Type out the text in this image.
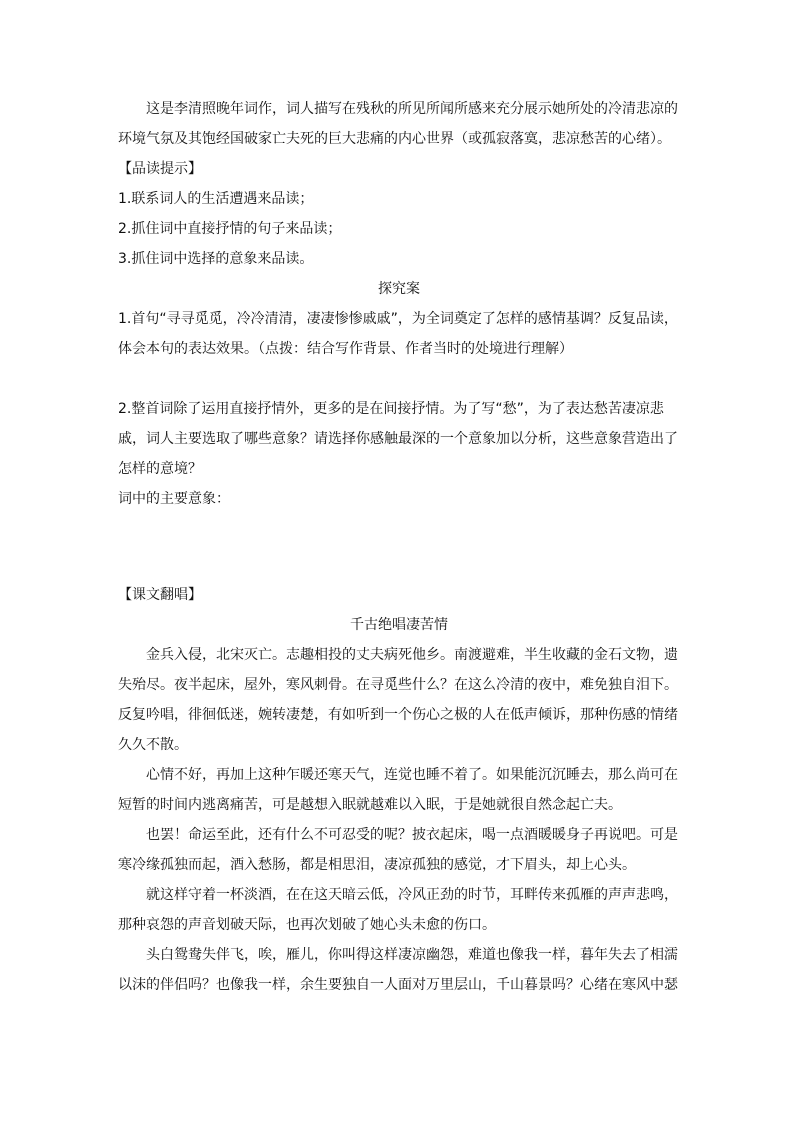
这是李清照晚年词作，词人描写在残秋的所见所闻所感来充分展示她所处的冷清悲凉的环境气氛及其饱经国破家亡夫死的巨大悲痛的内心世界（或孤寂落寞，悲凉愁苦的心绪）。

【品读提示】

1.联系词人的生活遭遇来品读；

2.抓住词中直接抒情的句子来品读；

3.抓住词中选择的意象来品读。

探究案

1.首句“寻寻觅觅，冷冷清清，凄凄惨惨戚戚”，为全词奠定了怎样的感情基调？反复品读，体会本句的表达效果。（点拨：结合写作背景、作者当时的处境进行理解）

2.整首词除了运用直接抒情外，更多的是在间接抒情。为了写“愁”，为了表达愁苦凄凉悲戚，词人主要选取了哪些意象？请选择你感触最深的一个意象加以分析，这些意象营造出了怎样的意境？

词中的主要意象：

【课文翻唱】

千古绝唱凄苦情

金兵入侵，北宋灭亡。志趣相投的丈夫病死他乡。南渡避难，半生收藏的金石文物，遗失殆尽。夜半起床，屋外，寒风刺骨。在寻觅些什么？在这么冷清的夜中，难免独自泪下。反复吟唱，徘徊低迷，婉转凄楚，有如听到一个伤心之极的人在低声倾诉，那种伤感的情绪久久不散。

心情不好，再加上这种乍暖还寒天气，连觉也睡不着了。如果能沉沉睡去，那么尚可在短暂的时间内逃离痛苦，可是越想入眠就越难以入眠，于是她就很自然念起亡夫。

也罢！命运至此，还有什么不可忍受的呢？披衣起床，喝一点酒暖暖身子再说吧。可是寒冷缘孤独而起，酒入愁肠，都是相思泪，凄凉孤独的感觉，才下眉头，却上心头。

就这样守着一杯淡酒，在在这天暗云低，冷风正劲的时节，耳畔传来孤雁的声声悲鸣，那种哀怨的声音划破天际，也再次划破了她心头未愈的伤口。

头白鸳鸯失伴飞，唉，雁儿，你叫得这样凄凉幽怨，难道也像我一样，暮年失去了相濡以沫的伴侣吗？也像我一样，余生要独自一人面对万里层山，千山暮景吗？心绪在寒风中瑟
